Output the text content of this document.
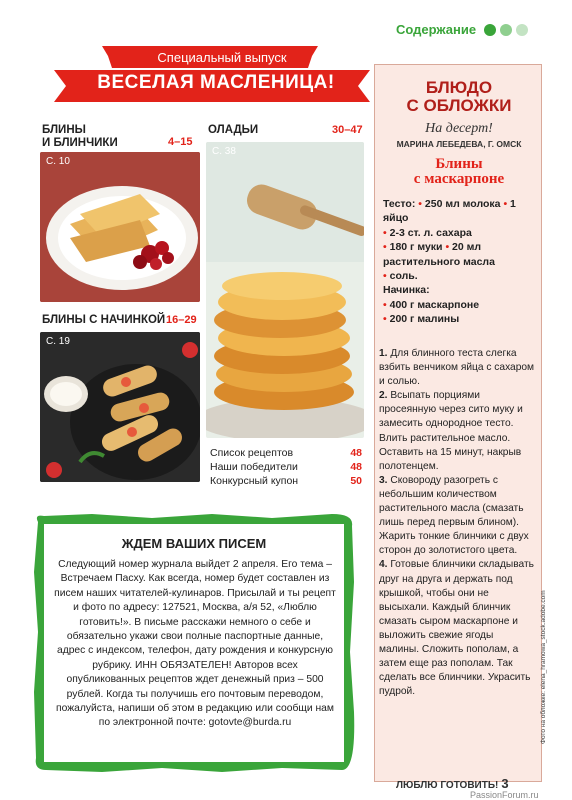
Содержание
Специальный выпуск
ВЕСЕЛАЯ МАСЛЕНИЦА!
БЛИНЫ
И БЛИНЧИКИ	4–15
С. 10
ОЛАДЬИ	30–47
С. 38
БЛИНЫ С НАЧИНКОЙ 16–29
С. 19
Список рецептов	48
Наши победители	48
Конкурсный купон	50
ЖДЕМ ВАШИХ ПИСЕМ
Следующий номер журнала выйдет 2 апреля. Его тема – Встречаем Пасху. Как всегда, номер будет составлен из писем наших читателей-кулинаров. Присылай и ты рецепт и фото по адресу: 127521, Москва, а/я 52, «Люблю готовить!». В письме расскажи немного о себе и обязательно укажи свои полные паспортные данные, адрес с индексом, телефон, дату рождения и конкурсную рубрику. ИНН ОБЯЗАТЕЛЕН! Авторов всех опубликованных рецептов ждет денежный приз – 500 рублей. Когда ты получишь его почтовым переводом, пожалуйста, напиши об этом в редакцию или сообщи нам по электронной почте: gotovte@burda.ru
БЛЮДО
С ОБЛОЖКИ
На десерт!
МАРИНА ЛЕБЕДЕВА, Г. ОМСК
Блины
с маскарпоне
Тесто: • 250 мл молока • 1 яйцо
• 2-3 ст. л. сахара
• 180 г муки • 20 мл растительного масла
• соль.
Начинка:
• 400 г маскарпоне
• 200 г малины
1. Для блинного теста слегка взбить венчиком яйца с сахаром и солью.
2. Всыпать порциями просеянную через сито муку и замесить однородное тесто. Влить растительное масло. Оставить на 15 минут, накрыв полотенцем.
3. Сковороду разогреть с небольшим количеством растительного масла (смазать лишь перед первым блином). Жарить тонкие блинчики с двух сторон до золотистого цвета.
4. Готовые блинчики складывать друг на друга и держать под крышкой, чтобы они не высыхали. Каждый блинчик смазать сыром маскарпоне и выложить свежие ягоды малины. Сложить пополам, а затем еще раз пополам. Так сделать все блинчики. Украсить пудрой.	Фото на обложке: elena_hramowa_stock.adobe.com
ЛЮБЛЮ ГОТОВИТЬ! 3
PassionForum.ru
